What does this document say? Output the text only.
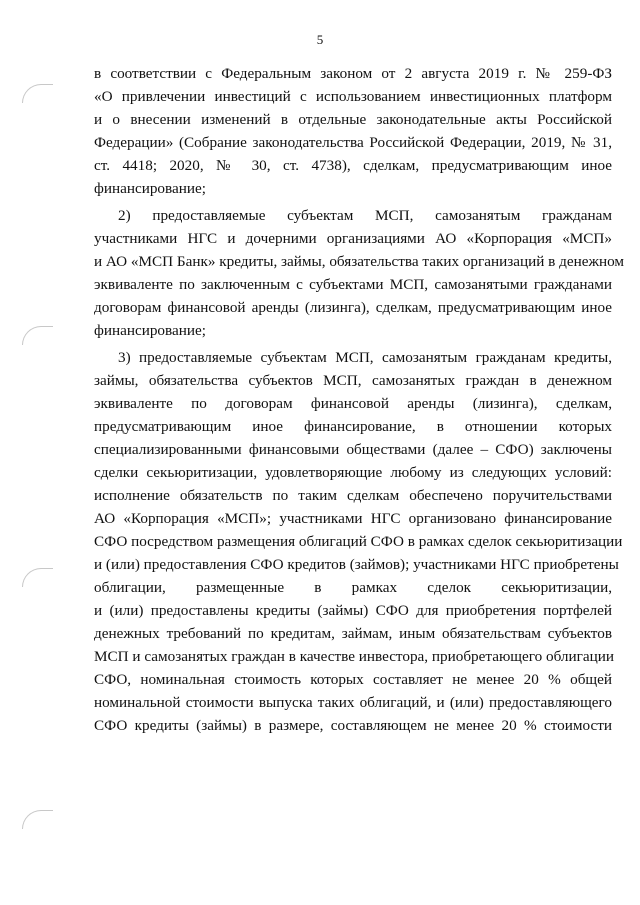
5
в соответствии с Федеральным законом от 2 августа 2019 г. № 259-ФЗ
«О привлечении инвестиций с использованием инвестиционных платформ
и о внесении изменений в отдельные законодательные акты Российской
Федерации» (Собрание законодательства Российской Федерации, 2019, № 31,
ст. 4418; 2020, № 30, ст. 4738), сделкам, предусматривающим иное
финансирование;
2) предоставляемые субъектам МСП, самозанятым гражданам
участниками НГС и дочерними организациями АО «Корпорация «МСП»
и АО «МСП Банк» кредиты, займы, обязательства таких организаций в денежном
эквиваленте по заключенным с субъектами МСП, самозанятыми гражданами
договорам финансовой аренды (лизинга), сделкам, предусматривающим иное
финансирование;
3) предоставляемые субъектам МСП, самозанятым гражданам кредиты,
займы, обязательства субъектов МСП, самозанятых граждан в денежном
эквиваленте по договорам финансовой аренды (лизинга), сделкам,
предусматривающим иное финансирование, в отношении которых
специализированными финансовыми обществами (далее – СФО) заключены
сделки секьюритизации, удовлетворяющие любому из следующих условий:
исполнение обязательств по таким сделкам обеспечено поручительствами
АО «Корпорация «МСП»; участниками НГС организовано финансирование
СФО посредством размещения облигаций СФО в рамках сделок секьюритизации
и (или) предоставления СФО кредитов (займов); участниками НГС приобретены
облигации, размещенные в рамках сделок секьюритизации,
и (или) предоставлены кредиты (займы) СФО для приобретения портфелей
денежных требований по кредитам, займам, иным обязательствам субъектов
МСП и самозанятых граждан в качестве инвестора, приобретающего облигации
СФО, номинальная стоимость которых составляет не менее 20 % общей
номинальной стоимости выпуска таких облигаций, и (или) предоставляющего
СФО кредиты (займы) в размере, составляющем не менее 20 % стоимости
